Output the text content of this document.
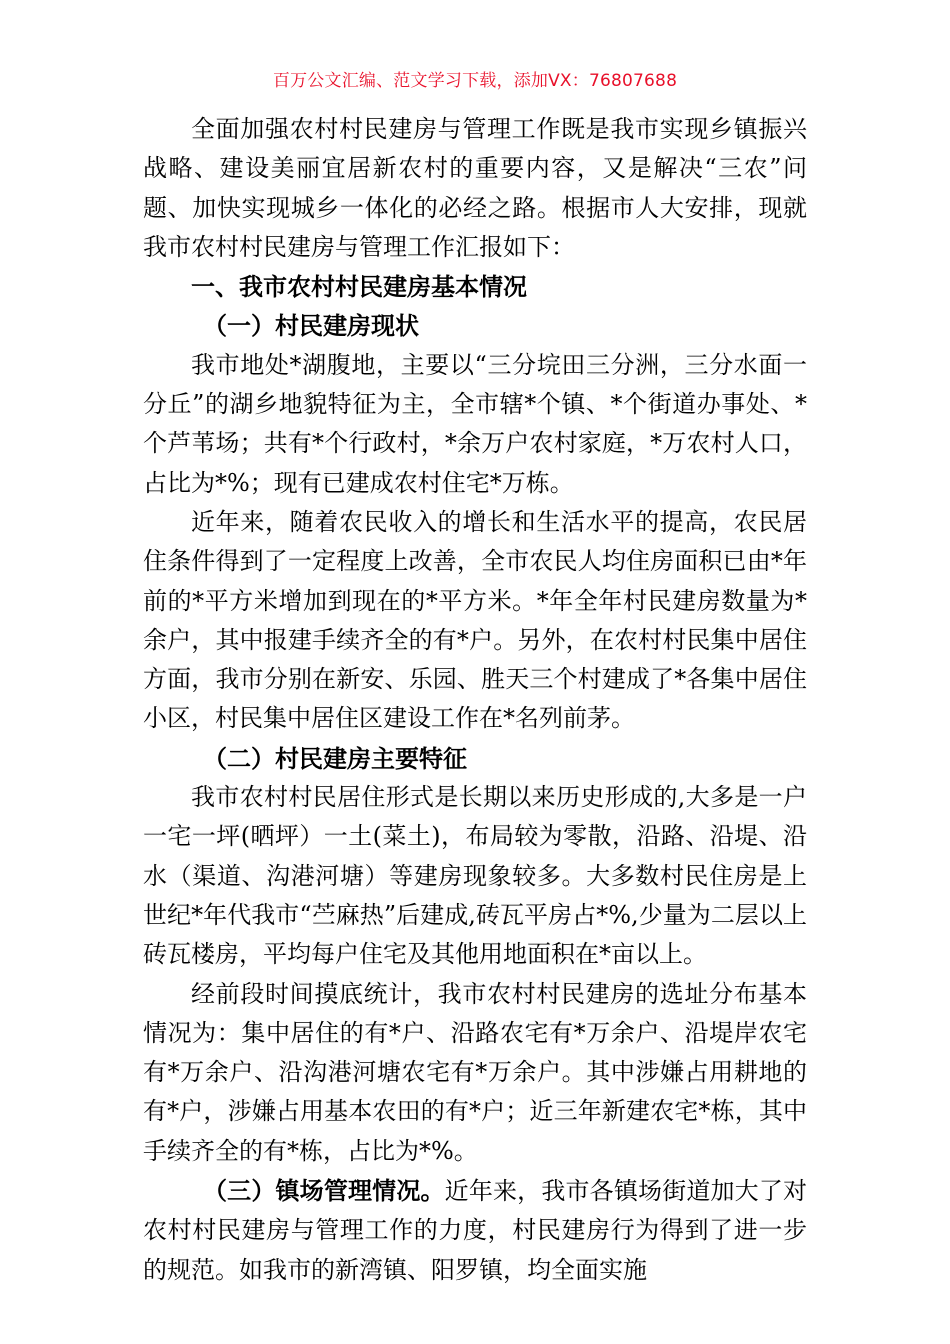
百万公文汇编、范文学习下载，添加VX：76807688

全面加强农村村民建房与管理工作既是我市实现乡镇振兴战略、建设美丽宜居新农村的重要内容，又是解决“三农”问题、加快实现城乡一体化的必经之路。根据市人大安排，现就我市农村村民建房与管理工作汇报如下：

一、我市农村村民建房基本情况

（一）村民建房现状

我市地处*湖腹地，主要以“三分垸田三分洲，三分水面一分丘”的湖乡地貌特征为主，全市辖*个镇、*个街道办事处、*个芦苇场；共有*个行政村，*余万户农村家庭，*万农村人口，占比为*%；现有已建成农村住宅*万栋。

近年来，随着农民收入的增长和生活水平的提高，农民居住条件得到了一定程度上改善，全市农民人均住房面积已由*年前的*平方米增加到现在的*平方米。*年全年村民建房数量为*余户，其中报建手续齐全的有*户。另外，在农村村民集中居住方面，我市分别在新安、乐园、胜天三个村建成了*各集中居住小区，村民集中居住区建设工作在*名列前茅。

（二）村民建房主要特征

我市农村村民居住形式是长期以来历史形成的,大多是一户一宅一坪(晒坪）一土(菜土)，布局较为零散，沿路、沿堤、沿水（渠道、沟港河塘）等建房现象较多。大多数村民住房是上世纪*年代我市“苎麻热”后建成,砖瓦平房占*%,少量为二层以上砖瓦楼房，平均每户住宅及其他用地面积在*亩以上。

经前段时间摸底统计，我市农村村民建房的选址分布基本情况为：集中居住的有*户、沿路农宅有*万余户、沿堤岸农宅有*万余户、沿沟港河塘农宅有*万余户。其中涉嫌占用耕地的有*户，涉嫌占用基本农田的有*户；近三年新建农宅*栋，其中手续齐全的有*栋，占比为*%。

（三）镇场管理情况。近年来，我市各镇场街道加大了对农村村民建房与管理工作的力度，村民建房行为得到了进一步的规范。如我市的新湾镇、阳罗镇，均全面实施
